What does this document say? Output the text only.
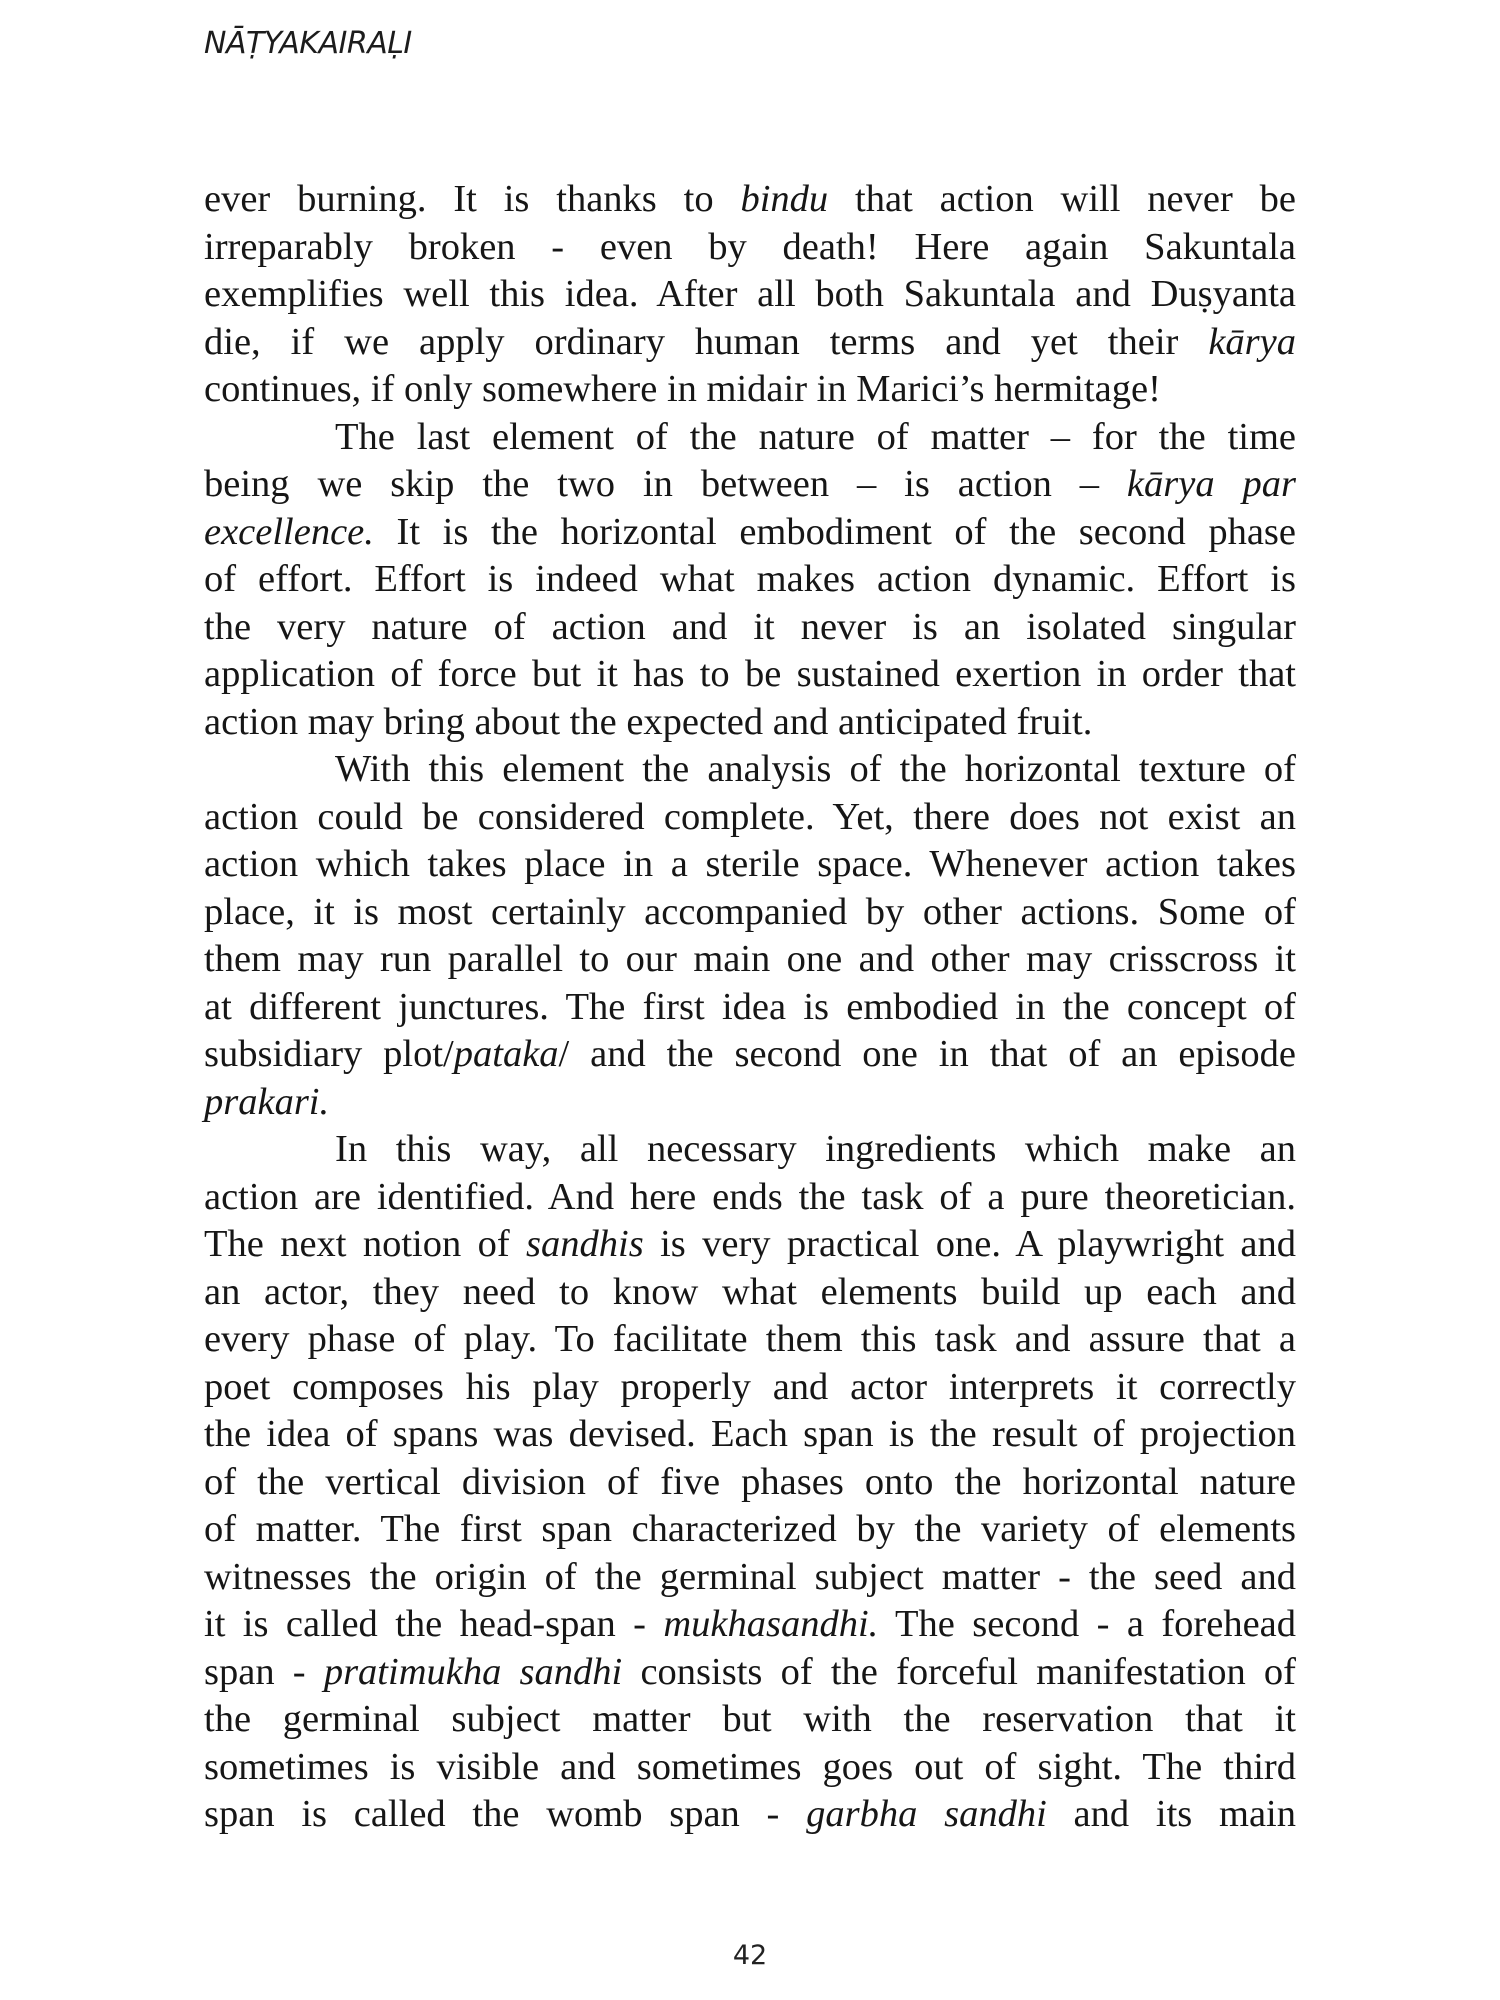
NĀṬYAKAIRAḶI
ever burning. It is thanks to bindu that action will never be
irreparably broken - even by death! Here again Sakuntala
exemplifies well this idea. After all both Sakuntala and Duṣyanta
die, if we apply ordinary human terms and yet their kārya
continues, if only somewhere in midair in Marici’s hermitage!
The last element of the nature of matter – for the time
being we skip the two in between – is action – kārya par
excellence. It is the horizontal embodiment of the second phase
of effort. Effort is indeed what makes action dynamic. Effort is
the very nature of action and it never is an isolated singular
application of force but it has to be sustained exertion in order that
action may bring about the expected and anticipated fruit.
With this element the analysis of the horizontal texture of
action could be considered complete. Yet, there does not exist an
action which takes place in a sterile space. Whenever action takes
place, it is most certainly accompanied by other actions. Some of
them may run parallel to our main one and other may crisscross it
at different junctures. The first idea is embodied in the concept of
subsidiary plot/pataka/ and the second one in that of an episode
prakari.
In this way, all necessary ingredients which make an
action are identified. And here ends the task of a pure theoretician.
The next notion of sandhis is very practical one. A playwright and
an actor, they need to know what elements build up each and
every phase of play. To facilitate them this task and assure that a
poet composes his play properly and actor interprets it correctly
the idea of spans was devised. Each span is the result of projection
of the vertical division of five phases onto the horizontal nature
of matter. The first span characterized by the variety of elements
witnesses the origin of the germinal subject matter - the seed and
it is called the head-span - mukhasandhi. The second - a forehead
span - pratimukha sandhi consists of the forceful manifestation of
the germinal subject matter but with the reservation that it
sometimes is visible and sometimes goes out of sight. The third
span is called the womb span - garbha sandhi and its main
42
